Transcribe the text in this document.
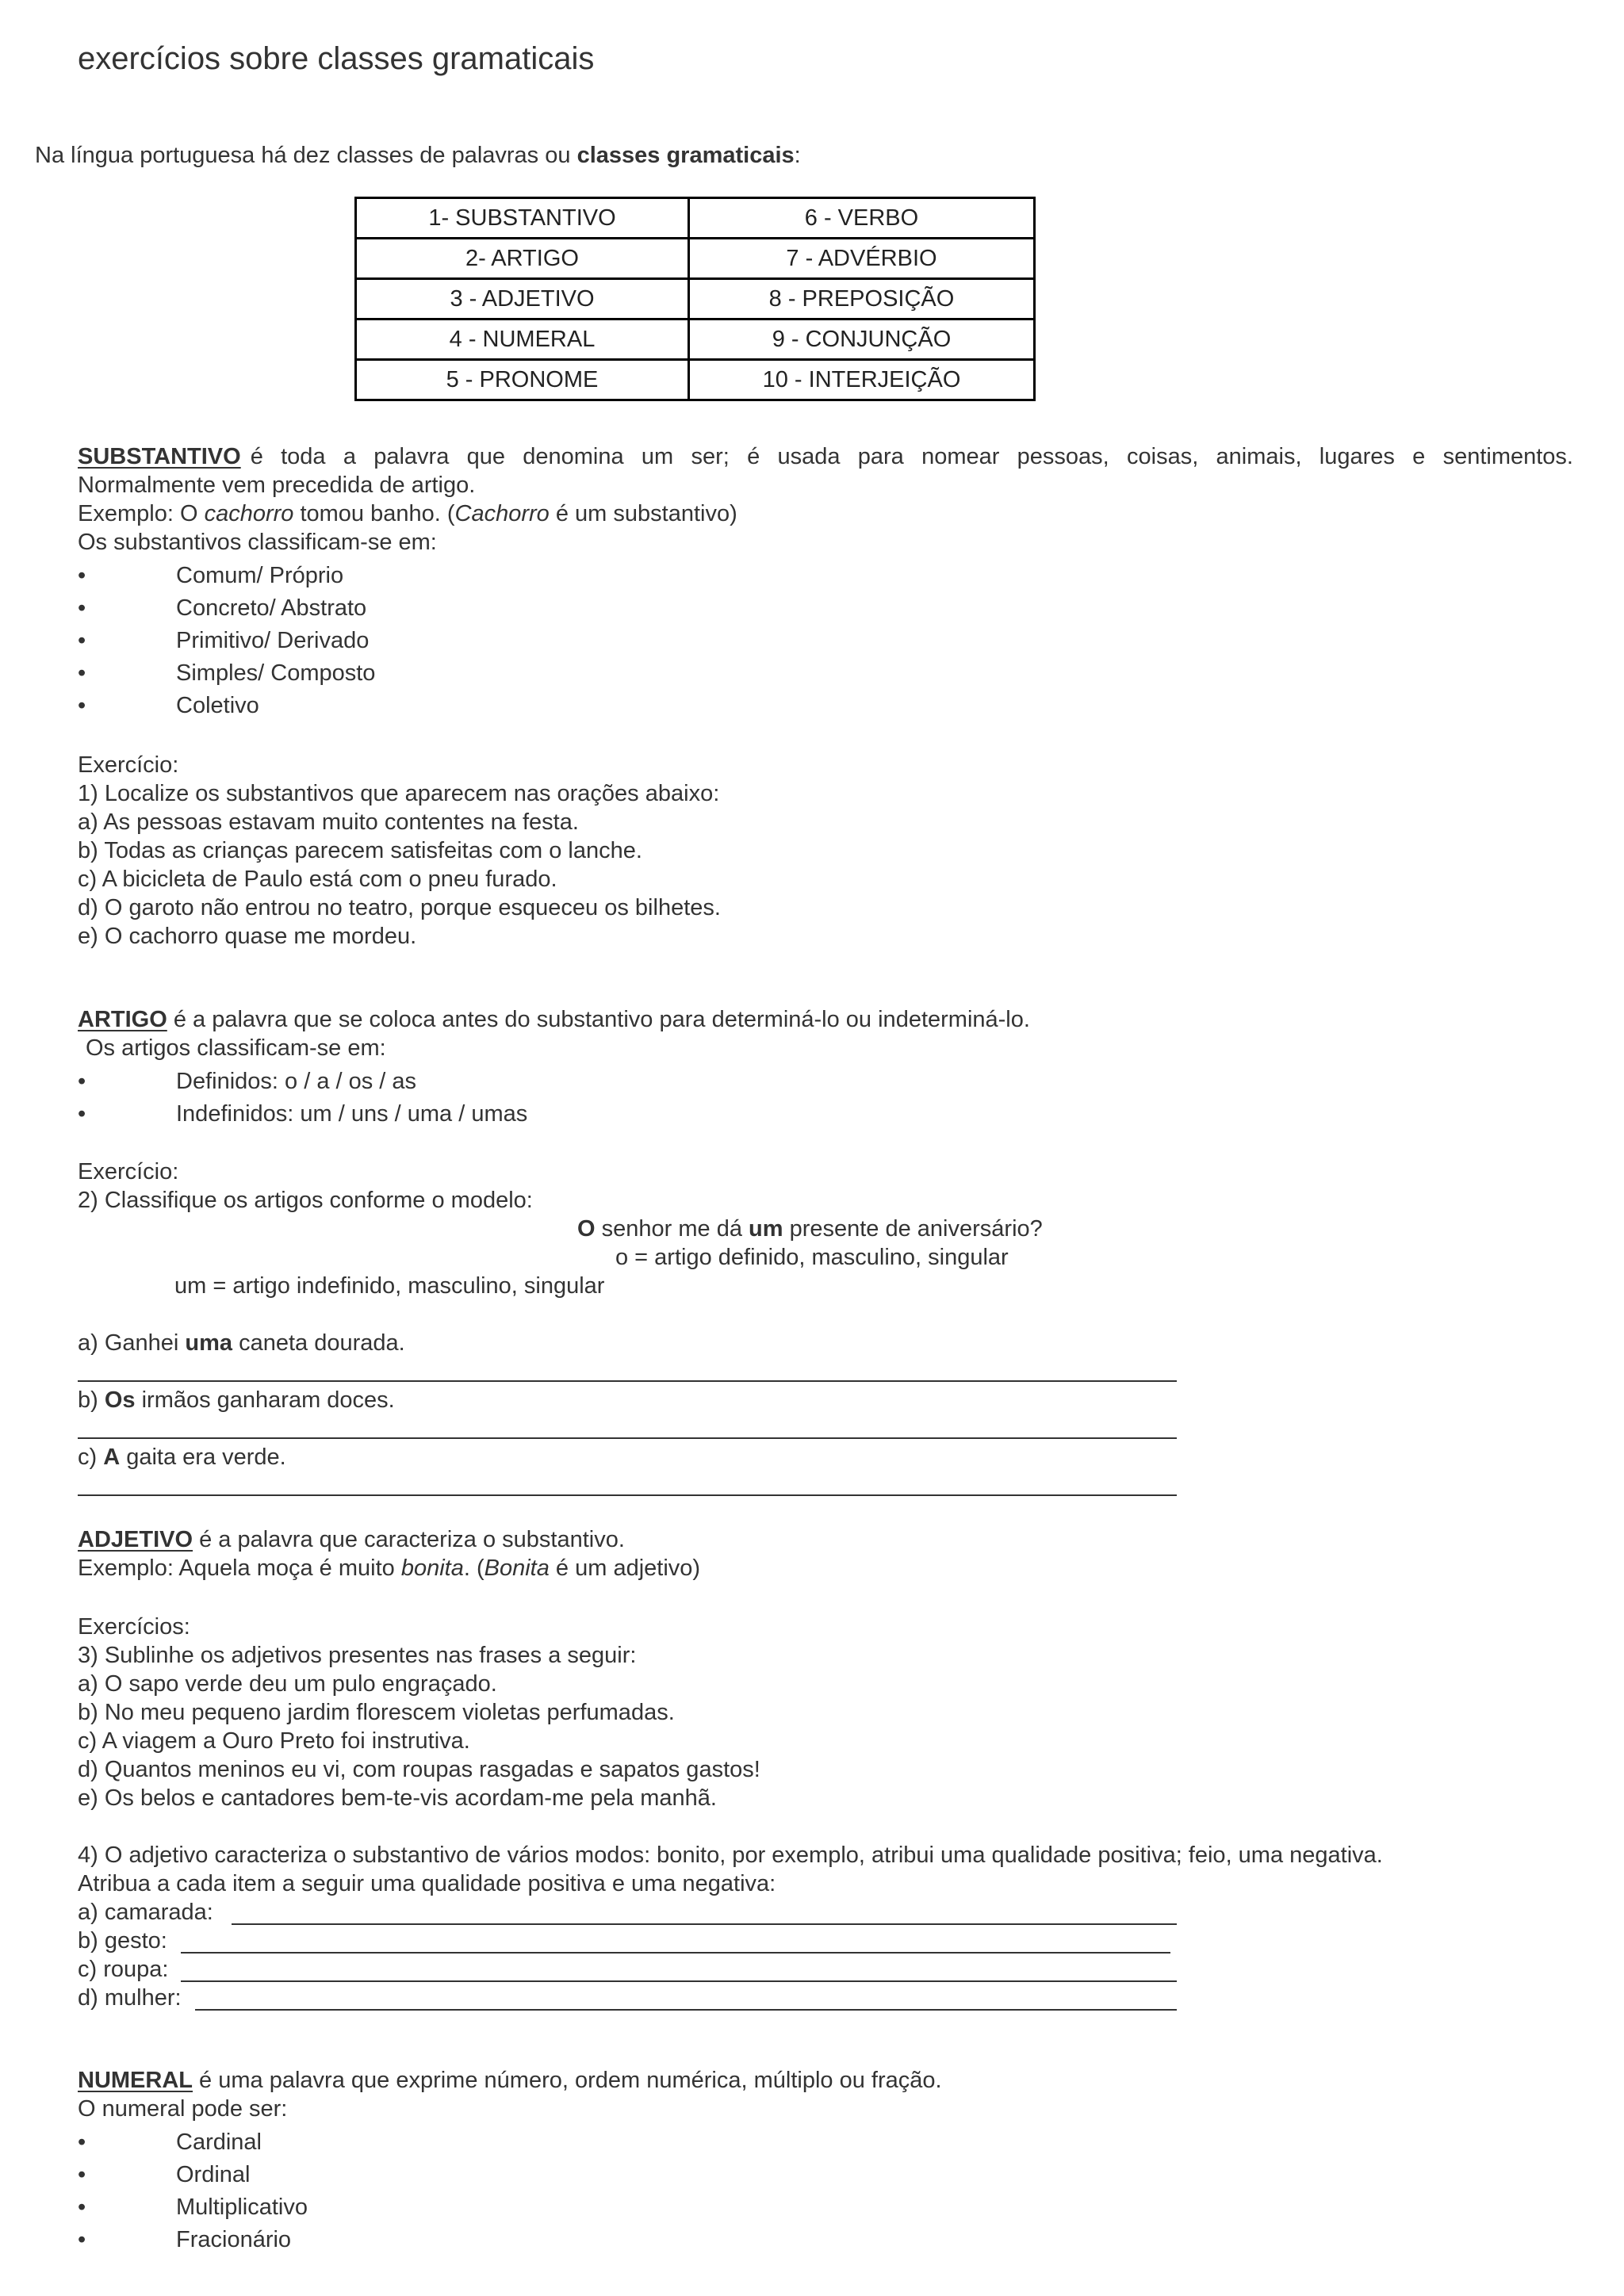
exercícios sobre classes gramaticais
Na língua portuguesa há dez classes de palavras ou classes gramaticais:
1- SUBSTANTIVO	6 - VERBO
2- ARTIGO	7 - ADVÉRBIO
3 - ADJETIVO	8 - PREPOSIÇÃO
4 - NUMERAL	9 - CONJUNÇÃO
5 - PRONOME	10 - INTERJEIÇÃO
SUBSTANTIVO é toda a palavra que denomina um ser; é usada para nomear pessoas, coisas, animais, lugares e sentimentos.
Normalmente vem precedida de artigo.
Exemplo: O cachorro tomou banho. (Cachorro é um substantivo)
Os substantivos classificam-se em:
•	Comum/ Próprio
•	Concreto/ Abstrato
•	Primitivo/ Derivado
•	Simples/ Composto
•	Coletivo
Exercício:
1) Localize os substantivos que aparecem nas orações abaixo:
a) As pessoas estavam muito contentes na festa.
b) Todas as crianças parecem satisfeitas com o lanche.
c) A bicicleta de Paulo está com o pneu furado.
d) O garoto não entrou no teatro, porque esqueceu os bilhetes.
e) O cachorro quase me mordeu.
ARTIGO é a palavra que se coloca antes do substantivo para determiná-lo ou indeterminá-lo.
Os artigos classificam-se em:
•	Definidos: o / a / os / as
•	Indefinidos: um / uns / uma / umas
Exercício:
2) Classifique os artigos conforme o modelo:
O senhor me dá um presente de aniversário?
o = artigo definido, masculino, singular
um = artigo indefinido, masculino, singular
a) Ganhei uma caneta dourada.
b) Os irmãos ganharam doces.
c) A gaita era verde.
ADJETIVO é a palavra que caracteriza o substantivo.
Exemplo: Aquela moça é muito bonita. (Bonita é um adjetivo)
Exercícios:
3) Sublinhe os adjetivos presentes nas frases a seguir:
a) O sapo verde deu um pulo engraçado.
b) No meu pequeno jardim florescem violetas perfumadas.
c) A viagem a Ouro Preto foi instrutiva.
d) Quantos meninos eu vi, com roupas rasgadas e sapatos gastos!
e) Os belos e cantadores bem-te-vis acordam-me pela manhã.
4) O adjetivo caracteriza o substantivo de vários modos: bonito, por exemplo, atribui uma qualidade positiva; feio, uma negativa.
Atribua a cada item a seguir uma qualidade positiva e uma negativa:
a) camarada:
b) gesto:
c) roupa:
d) mulher:
NUMERAL é uma palavra que exprime número, ordem numérica, múltiplo ou fração.
O numeral pode ser:
•	Cardinal
•	Ordinal
•	Multiplicativo
•	Fracionário
